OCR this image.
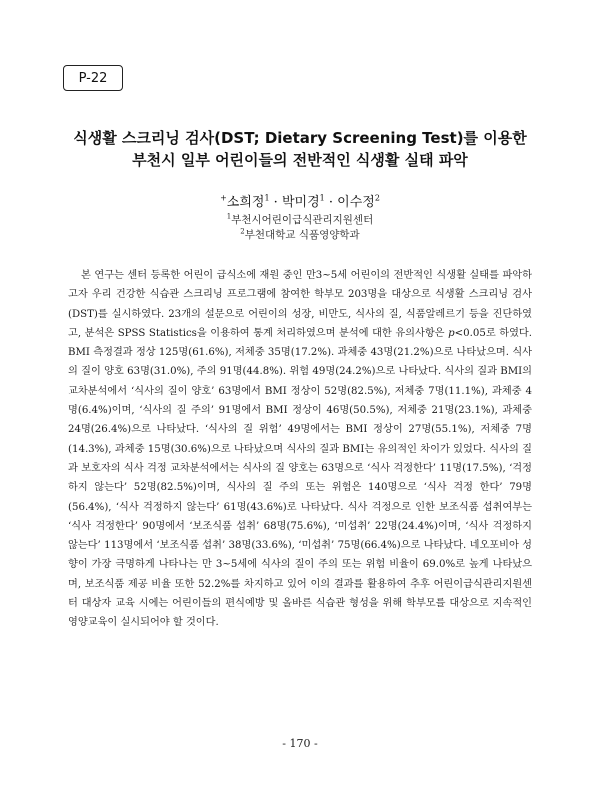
P-22
식생활 스크리닝 검사(DST; Dietary Screening Test)를 이용한
부천시 일부 어린이들의 전반적인 식생활 실태 파악
+소희정$^1$ · 박미경$^1$ · 이수정$^2$
$^1$부천시어린이급식관리지원센터
$^2$부천대학교 식품영양학과

본 연구는 센터 등록한 어린이 급식소에 재원 중인 만3~5세 어린이의 전반적인 식생활 실태를 파악하고자 우리 건강한 식습관 스크리닝 프로그램에 참여한 학부모 203명을 대상으로 식생활 스크리닝 검사(DST)를 실시하였다. 23개의 설문으로 어린이의 성장, 비만도, 식사의 질, 식품알레르기 등을 진단하였고, 분석은 SPSS Statistics을 이용하여 통계 처리하였으며 분석에 대한 유의사항은 p<0.05로 하였다. BMI 측정결과 정상 125명(61.6%), 저체중 35명(17.2%). 과체중 43명(21.2%)으로 나타났으며. 식사의 질이 양호 63명(31.0%), 주의 91명(44.8%). 위험 49명(24.2%)으로 나타났다. 식사의 질과 BMI의 교차분석에서 ‘식사의 질이 양호’ 63명에서 BMI 정상이 52명(82.5%), 저체중 7명(11.1%), 과체중 4명(6.4%)이며, ‘식사의 질 주의’ 91명에서 BMI 정상이 46명(50.5%), 저체중 21명(23.1%), 과체중 24명(26.4%)으로 나타났다. ‘식사의 질 위험’ 49명에서는 BMI 정상이 27명(55.1%), 저체중 7명(14.3%), 과체중 15명(30.6%)으로 나타났으며 식사의 질과 BMI는 유의적인 차이가 있었다. 식사의 질과 보호자의 식사 걱정 교차분석에서는 식사의 질 양호는 63명으로 ‘식사 걱정한다’ 11명(17.5%), ‘걱정하지 않는다’ 52명(82.5%)이며, 식사의 질 주의 또는 위험은 140명으로 ‘식사 걱정 한다’ 79명(56.4%), ‘식사 걱정하지 않는다’ 61명(43.6%)로 나타났다. 식사 걱정으로 인한 보조식품 섭취여부는 ‘식사 걱정한다’ 90명에서 ‘보조식품 섭취’ 68명(75.6%), ‘미섭취’ 22명(24.4%)이며, ‘식사 걱정하지 않는다’ 113명에서 ‘보조식품 섭취’ 38명(33.6%), ‘미섭취’ 75명(66.4%)으로 나타났다. 네오포비아 성향이 가장 극명하게 나타나는 만 3~5세에 식사의 질이 주의 또는 위험 비율이 69.0%로 높게 나타났으며, 보조식품 제공 비율 또한 52.2%를 차지하고 있어 이의 결과를 활용하여 추후 어린이급식관리지원센터 대상자 교육 시에는 어린이들의 편식예방 및 올바른 식습관 형성을 위해 학부모를 대상으로 지속적인 영양교육이 실시되어야 할 것이다.

- 170 -
